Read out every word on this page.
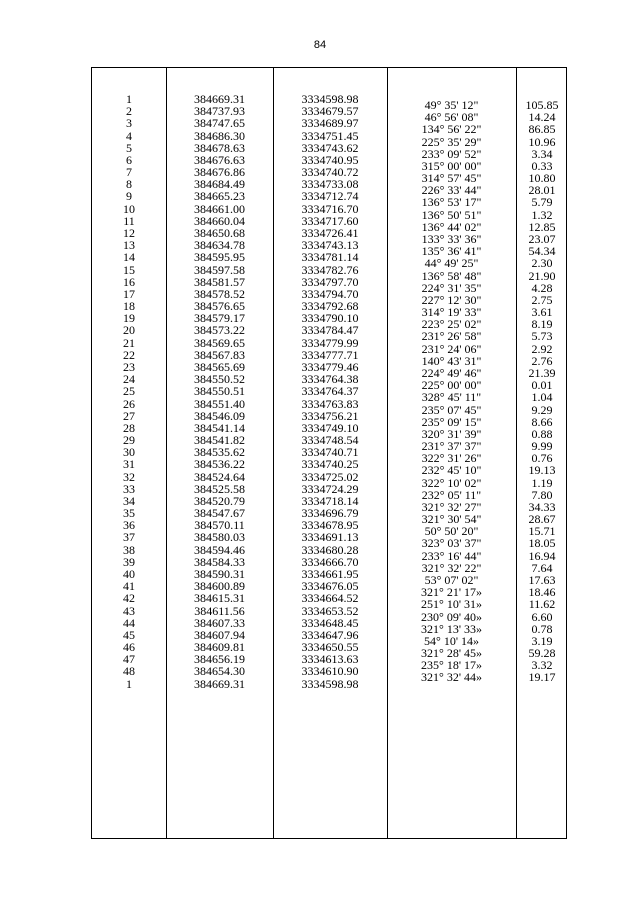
84
1
2
3
4
5
6
7
8
9
10
11
12
13
14
15
16
17
18
19
20
21
22
23
24
25
26
27
28
29
30
31
32
33
34
35
36
37
38
39
40
41
42
43
44
45
46
47
48
1
384669.31
384737.93
384747.65
384686.30
384678.63
384676.63
384676.86
384684.49
384665.23
384661.00
384660.04
384650.68
384634.78
384595.95
384597.58
384581.57
384578.52
384576.65
384579.17
384573.22
384569.65
384567.83
384565.69
384550.52
384550.51
384551.40
384546.09
384541.14
384541.82
384535.62
384536.22
384524.64
384525.58
384520.79
384547.67
384570.11
384580.03
384594.46
384584.33
384590.31
384600.89
384615.31
384611.56
384607.33
384607.94
384609.81
384656.19
384654.30
384669.31
3334598.98
3334679.57
3334689.97
3334751.45
3334743.62
3334740.95
3334740.72
3334733.08
3334712.74
3334716.70
3334717.60
3334726.41
3334743.13
3334781.14
3334782.76
3334797.70
3334794.70
3334792.68
3334790.10
3334784.47
3334779.99
3334777.71
3334779.46
3334764.38
3334764.37
3334763.83
3334756.21
3334749.10
3334748.54
3334740.71
3334740.25
3334725.02
3334724.29
3334718.14
3334696.79
3334678.95
3334691.13
3334680.28
3334666.70
3334661.95
3334676.05
3334664.52
3334653.52
3334648.45
3334647.96
3334650.55
3334613.63
3334610.90
3334598.98
49° 35' 12"
46° 56' 08"
134° 56' 22"
225° 35' 29"
233° 09' 52"
315° 00' 00"
314° 57' 45"
226° 33' 44"
136° 53' 17"
136° 50' 51"
136° 44' 02"
133° 33' 36"
135° 36' 41"
44° 49' 25"
136° 58' 48"
224° 31' 35"
227° 12' 30"
314° 19' 33"
223° 25' 02"
231° 26' 58"
231° 24' 06"
140° 43' 31"
224° 49' 46"
225° 00' 00"
328° 45' 11"
235° 07' 45"
235° 09' 15"
320° 31' 39"
231° 37' 37"
322° 31' 26"
232° 45' 10"
322° 10' 02"
232° 05' 11"
321° 32' 27"
321° 30' 54"
50° 50' 20"
323° 03' 37"
233° 16' 44"
321° 32' 22"
53° 07' 02"
321° 21' 17»
251° 10' 31»
230° 09' 40»
321° 13' 33»
54° 10' 14»
321° 28' 45»
235° 18' 17»
321° 32' 44»
105.85
14.24
86.85
10.96
3.34
0.33
10.80
28.01
5.79
1.32
12.85
23.07
54.34
2.30
21.90
4.28
2.75
3.61
8.19
5.73
2.92
2.76
21.39
0.01
1.04
9.29
8.66
0.88
9.99
0.76
19.13
1.19
7.80
34.33
28.67
15.71
18.05
16.94
7.64
17.63
18.46
11.62
6.60
0.78
3.19
59.28
3.32
19.17
